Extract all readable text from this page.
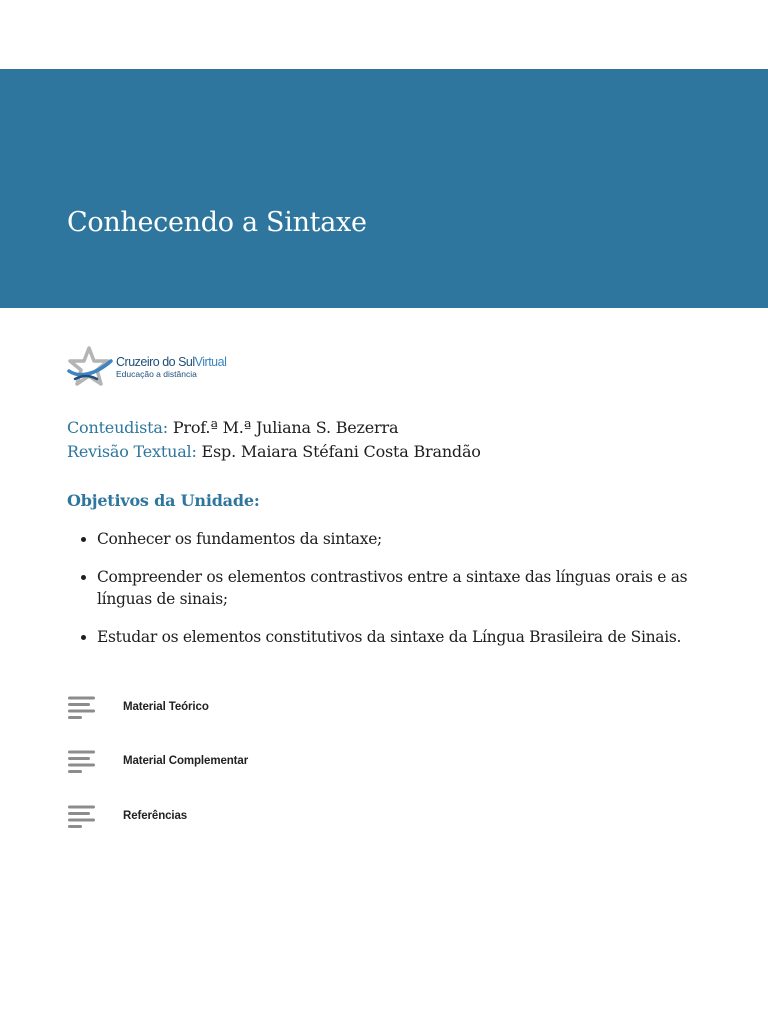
Conhecendo a Sintaxe
Cruzeiro do SulVirtual
Educação a distância
Conteudista: Prof.ª M.ª Juliana S. Bezerra
Revisão Textual: Esp. Maiara Stéfani Costa Brandão
Objetivos da Unidade:
Conhecer os fundamentos da sintaxe;
Compreender os elementos contrastivos entre a sintaxe das línguas orais e as línguas de sinais;
Estudar os elementos constitutivos da sintaxe da Língua Brasileira de Sinais.
Material Teórico
Material Complementar
Referências
